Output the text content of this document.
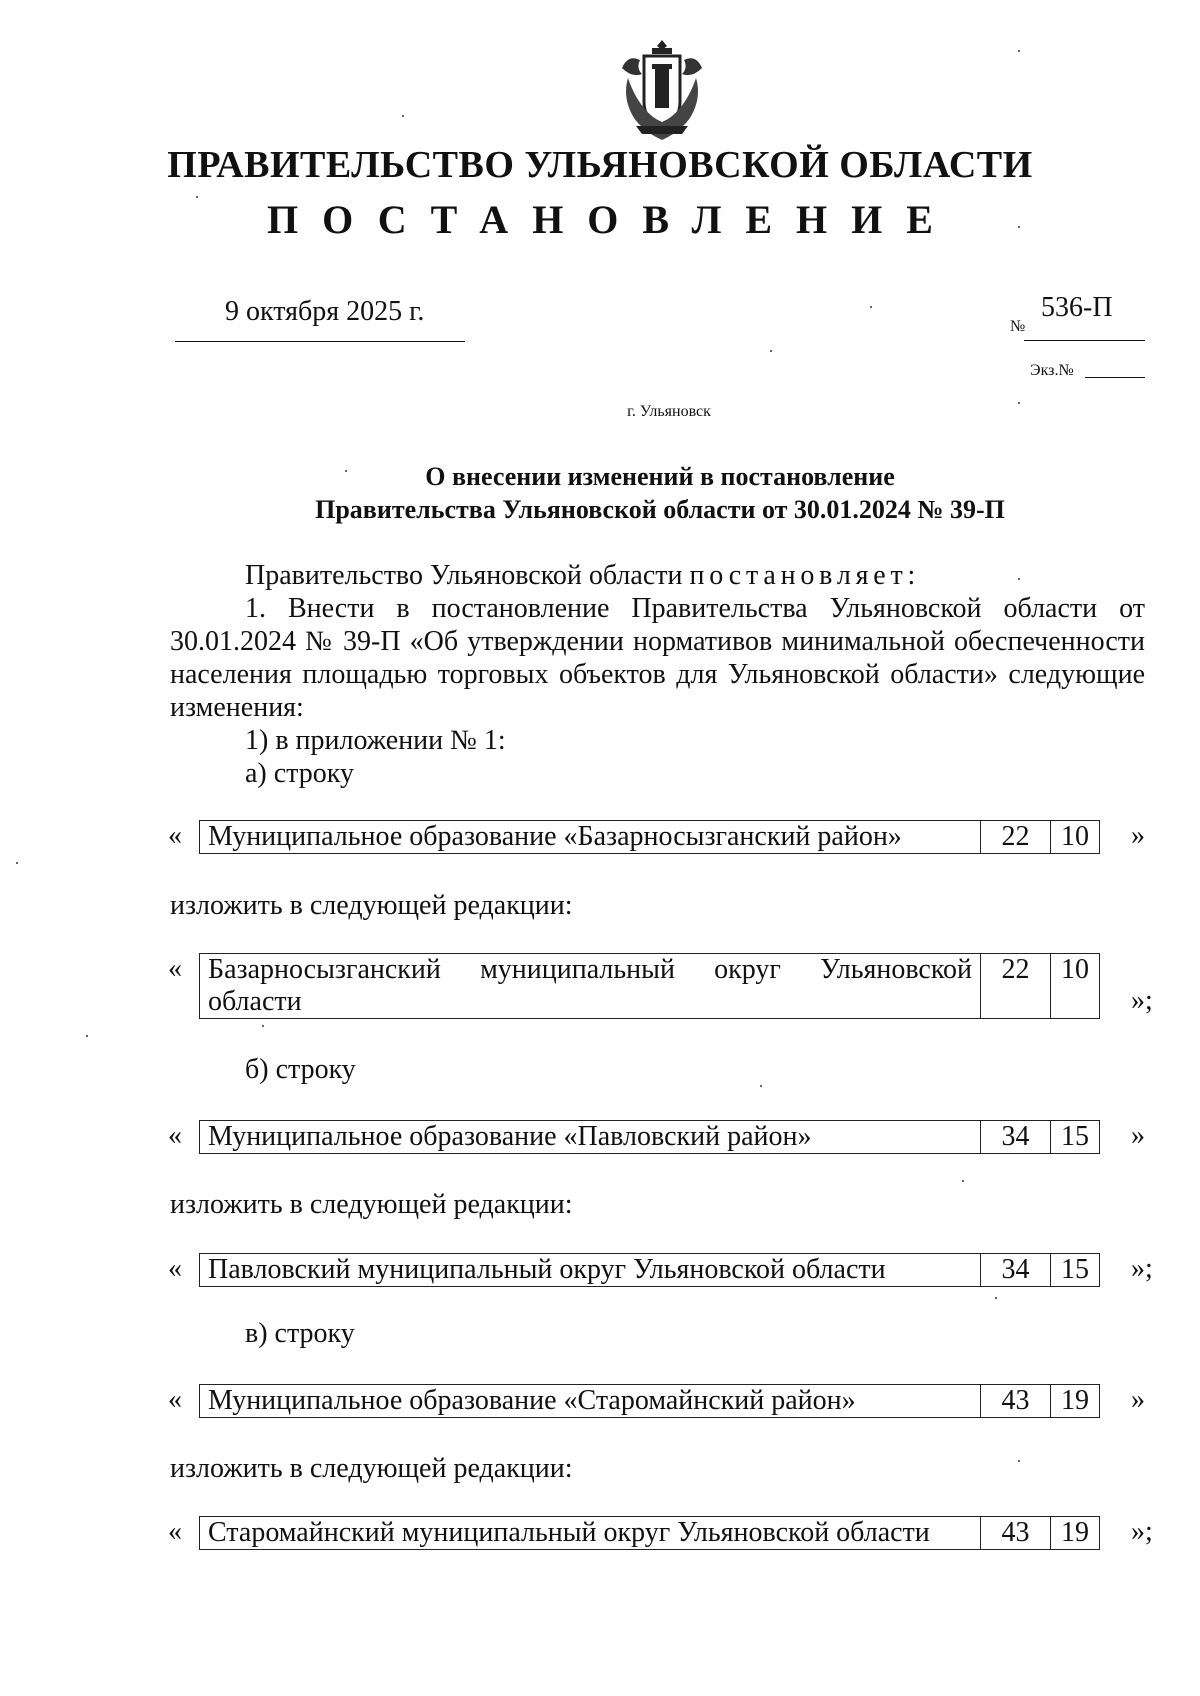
ПРАВИТЕЛЬСТВО УЛЬЯНОВСКОЙ ОБЛАСТИ
ПОСТАНОВЛЕНИЕ
9 октября 2025 г.	№
536-П
Экз.№
г. Ульяновск
О внесении изменений в постановление
Правительства Ульяновской области от 30.01.2024 № 39-П
Правительство Ульяновской области постановляет:
1. Внести в постановление Правительства Ульяновской области от 30.01.2024 № 39-П «Об утверждении нормативов минимальной обеспеченности населения площадью торговых объектов для Ульяновской области» следующие изменения:
1) в приложении № 1:
а) строку
« Муниципальное образование «Базарносызганский район»	22	10 »
изложить в следующей редакции:
« Базарносызганский муниципальный округ Ульяновской области	22	10
»;
б) строку
« Муниципальное образование «Павловский район»	34	15 »
изложить в следующей редакции:
« Павловский муниципальный округ Ульяновской области	34	15 »;
в) строку
« Муниципальное образование «Старомайнский район»	43	19 »
изложить в следующей редакции:
« Старомайнский муниципальный округ Ульяновской области	43	19 »;
